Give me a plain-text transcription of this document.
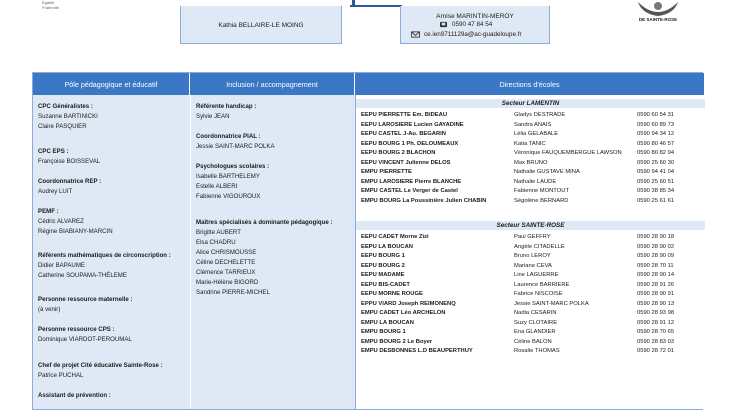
Égalité
Fraternité
Kathia BELLAIRE-LE MOING
Arnise MARINTIN-MEROY
0590 47 84 54
ce.ien9711129a@ac-guadeloupe.fr
DE SAINTE-ROSE
Pôle pédagogique et éducatif	Inclusion / accompagnement	Directions d'écoles
CPC Généralistes :
Suzanne BARTINICKI
Claire PASQUIER
CPC EPS :
Françoise BOISSEVAL
Coordonnatrice REP :
Audrey LUIT
PEMF :
Cédric ALVAREZ
Régine BIABIANY-MARCIN
Référents mathématiques de circonscription :
Didier BAPAUME
Catherine SOUPAMA-THÉLEME
Personne ressource maternelle :
(à venir)
Personne ressource CPS :
Dominique VIARDOT-PEROUMAL
Chef de projet Cité éducative Sainte-Rose :
Patrice PUCHAL
Assistant de prévention :
Référente handicap :
Sylvie JEAN
Coordonnatrice PIAL :
Jessie SAINT-MARC POLKA
Psychologues scolaires :
Isabelle BARTHELEMY
Estelle ALBERI
Fabienne VIGOUROUX
Maîtres spécialisés à dominante pédagogique :
Brigitte AUBERT
Elsa CHADRU
Alice CHRISMOUSSE
Céline DECHELETTE
Clémence TARRIEUX
Marie-Hélène BIGORD
Sandrine PIERRE-MICHEL
Secteur LAMENTIN
EEPU PIERRETTE Em. BIDEAU	Gladys DESTRADE	0590 60 54 31
EEPU LAROSIERE Lucien GAYADINE	Sandra ANAIS	0590 60 89 73
EEPU CASTEL J-Au. BEGARIN	Lélia GELABALE	0590 94 34 12
EEPU BOURG 1 Ph. DELOUMEAUX	Katia TANIC	0590 80 46 57
EEPU BOURG 2 BLACHON	Véronique FAUQUEMBERGUE LAWSON	0590 80 82 94
EEPU VINCENT Julienne DELOS	Max BRUNO	0590 25 60 30
EMPU PIERRETTE	Nathalie GUSTAVE MINA	0590 94 41 04
EMPU LAROSIERE Pierre BLANCHE	Nathalie LAUDE	0590 25 60 51
EMPU CASTEL Le Verger de Castel	Fabienne MONTOUT	0590 38 85 34
EMPU BOURG La Poussinière Julien CHABIN	Ségolène BERNARD	0590 25 61 61
Secteur SAINTE-ROSE
EEPU CADET Morne Zizi	Paul GEFFRY	0590 28 90 18
EEPU LA BOUCAN	Angèle CITADELLE	0590 28 90 02
EEPU BOURG 1	Bruno LEROY	0590 28 90 09
EEPU BOURG 2	Mariane CEVA	0590 28 70 11
EEPU MADAME	Line LAGUERRE	0590 28 90 14
EEPU BIS-CADET	Laurence BARRIERE	0590 28 91 26
EEPU MORNE ROUGE	Fabrice NISCOISE	0590 28 90 91
EPPU VIARD Joseph REIMONENQ	Jessie SAINT-MARC POLKA	0590 28 90 13
EMPU CADET Léo ARCHELON	Nadia CESARIN	0590 28 93 98
EMPU LA BOUCAN	Suzy CLOTAIRE	0590 28 91 12
EMPU BOURG 1	Ena GLANDIER	0590 28 70 65
EMPU BOURG 2 Le Boyer	Céline BALON	0590 28 83 03
EMPU DESBONNES L.D BEAUPERTHUY	Rosalie THOMAS	0590 28 72 01
